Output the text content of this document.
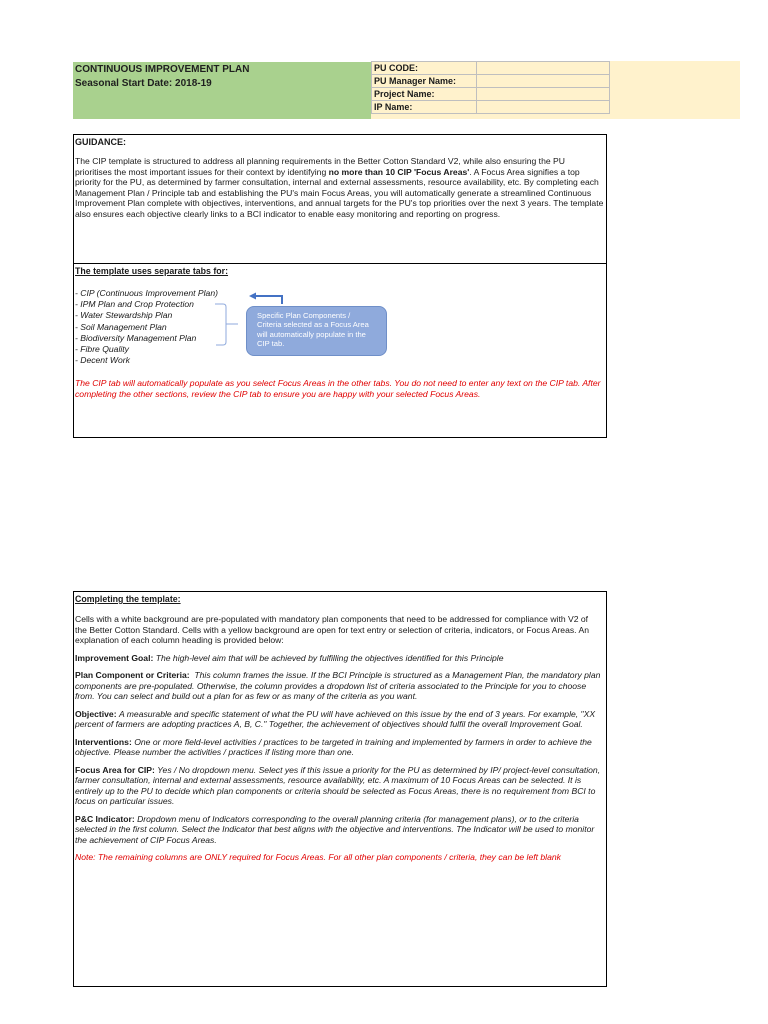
CONTINUOUS IMPROVEMENT PLAN
Seasonal Start Date: 2018-19
PU CODE:	
PU Manager Name:	
Project Name:	
IP Name:	
GUIDANCE:
The CIP template is structured to address all planning requirements in the Better Cotton Standard V2, while also ensuring the PU prioritises the most important issues for their context by identifying no more than 10 CIP 'Focus Areas'. A Focus Area signifies a top priority for the PU, as determined by farmer consultation, internal and external assessments, resource availability, etc. By completing each Management Plan / Principle tab and establishing the PU's main Focus Areas, you will automatically generate a streamlined Continuous Improvement Plan complete with objectives, interventions, and annual targets for the PU's top priorities over the next 3 years. The template also ensures each objective clearly links to a BCI indicator to enable easy monitoring and reporting on progress.
The template uses separate tabs for:
- CIP (Continuous Improvement Plan)
- IPM Plan and Crop Protection
- Water Stewardship Plan
- Soil Management Plan
- Biodiversity Management Plan
- Fibre Quality
- Decent Work
Specific Plan Components / Criteria selected as a Focus Area will automatically populate in the CIP tab.
The CIP tab will automatically populate as you select Focus Areas in the other tabs. You do not need to enter any text on the CIP tab. After completing the other sections, review the CIP tab to ensure you are happy with your selected Focus Areas.
Completing the template:

Cells with a white background are pre-populated with mandatory plan components that need to be addressed for compliance with V2 of the Better Cotton Standard. Cells with a yellow background are open for text entry or selection of criteria, indicators, or Focus Areas. An explanation of each column heading is provided below:

Improvement Goal: The high-level aim that will be achieved by fulfilling the objectives identified for this Principle

Plan Component or Criteria: This column frames the issue. If the BCI Principle is structured as a Management Plan, the mandatory plan components are pre-populated. Otherwise, the column provides a dropdown list of criteria associated to the Principle for you to choose from. You can select and build out a plan for as few or as many of the criteria as you want.

Objective: A measurable and specific statement of what the PU will have achieved on this issue by the end of 3 years. For example, "XX percent of farmers are adopting practices A, B, C." Together, the achievement of objectives should fulfil the overall Improvement Goal.

Interventions: One or more field-level activities / practices to be targeted in training and implemented by farmers in order to achieve the objective. Please number the activities / practices if listing more than one.

Focus Area for CIP: Yes / No dropdown menu. Select yes if this issue a priority for the PU as determined by IP/ project-level consultation, farmer consultation, internal and external assessments, resource availability, etc. A maximum of 10 Focus Areas can be selected. It is entirely up to the PU to decide which plan components or criteria should be selected as Focus Areas, there is no requirement from BCI to focus on particular issues.

P&C Indicator: Dropdown menu of Indicators corresponding to the overall planning criteria (for management plans), or to the criteria selected in the first column. Select the Indicator that best aligns with the objective and interventions. The Indicator will be used to monitor the achievement of CIP Focus Areas.

Note: The remaining columns are ONLY required for Focus Areas. For all other plan components / criteria, they can be left blank
